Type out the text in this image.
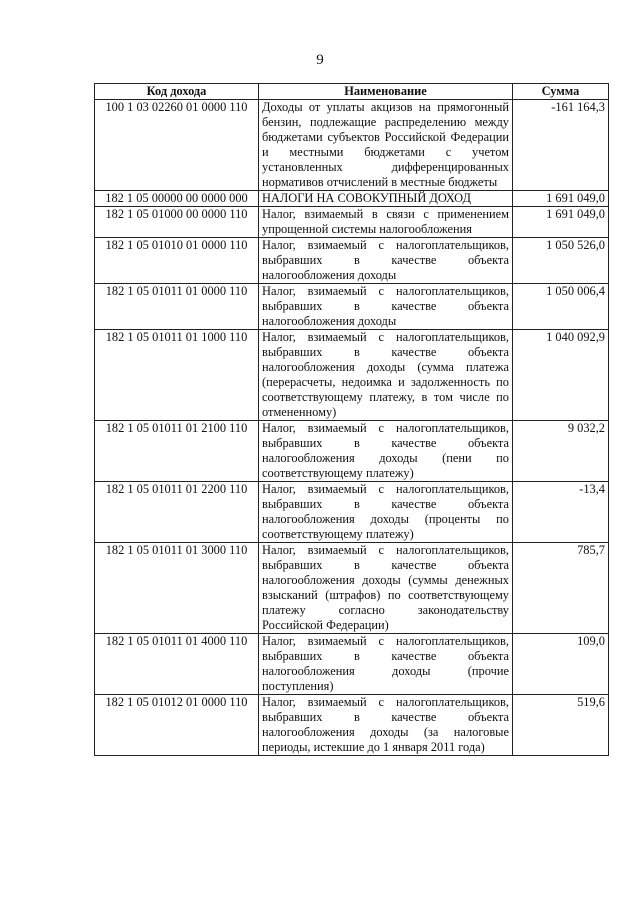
9
Код дохода	Наименование	Сумма
100 1 03 02260 01 0000 110	Доходы от уплаты акцизов на прямогонный бензин, подлежащие распределению между бюджетами субъектов Российской Федерации и местными бюджетами с учетом установленных дифференцированных нормативов отчислений в местные бюджеты	-161 164,3
182 1 05 00000 00 0000 000	НАЛОГИ НА СОВОКУПНЫЙ ДОХОД	1 691 049,0
182 1 05 01000 00 0000 110	Налог, взимаемый в связи с применением упрощенной системы налогообложения	1 691 049,0
182 1 05 01010 01 0000 110	Налог, взимаемый с налогоплательщиков, выбравших в качестве объекта налогообложения доходы	1 050 526,0
182 1 05 01011 01 0000 110	Налог, взимаемый с налогоплательщиков, выбравших в качестве объекта налогообложения доходы	1 050 006,4
182 1 05 01011 01 1000 110	Налог, взимаемый с налогоплательщиков, выбравших в качестве объекта налогообложения доходы (сумма платежа (перерасчеты, недоимка и задолженность по соответствующему платежу, в том числе по отмененному)	1 040 092,9
182 1 05 01011 01 2100 110	Налог, взимаемый с налогоплательщиков, выбравших в качестве объекта налогообложения доходы (пени по соответствующему платежу)	9 032,2
182 1 05 01011 01 2200 110	Налог, взимаемый с налогоплательщиков, выбравших в качестве объекта налогообложения доходы (проценты по соответствующему платежу)	-13,4
182 1 05 01011 01 3000 110	Налог, взимаемый с налогоплательщиков, выбравших в качестве объекта налогообложения доходы (суммы денежных взысканий (штрафов) по соответствующему платежу согласно законодательству Российской Федерации)	785,7
182 1 05 01011 01 4000 110	Налог, взимаемый с налогоплательщиков, выбравших в качестве объекта налогообложения доходы (прочие поступления)	109,0
182 1 05 01012 01 0000 110	Налог, взимаемый с налогоплательщиков, выбравших в качестве объекта налогообложения доходы (за налоговые периоды, истекшие до 1 января 2011 года)	519,6
